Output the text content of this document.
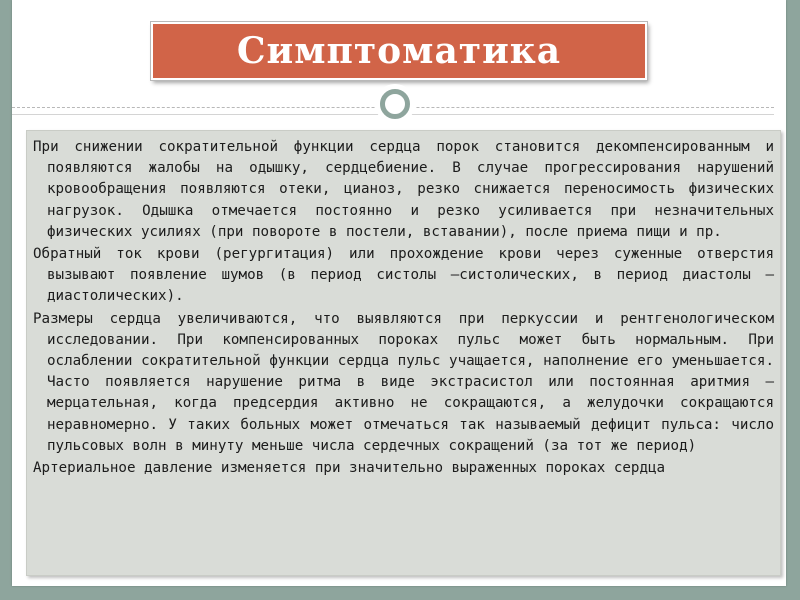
Симптоматика

При снижении сократительной функции сердца порок становится декомпенсированным и появляются жалобы на одышку, сердцебиение. В случае прогрессирования нарушений кровообращения появляются отеки, цианоз, резко снижается переносимость физических нагрузок. Одышка отмечается постоянно и резко усиливается при незначительных физических усилиях (при повороте в постели, вставании), после приема пищи и пр.

Обратный ток крови (регургитация) или прохождение крови через суженные отверстия вызывают появление шумов (в период систолы –систолических, в период диастолы –диастолических).

Размеры сердца увеличиваются, что выявляются при перкуссии и рентгенологическом исследовании. При компенсированных пороках пульс может быть нормальным. При ослаблении сократительной функции сердца пульс учащается, наполнение его уменьшается. Часто появляется нарушение ритма в виде экстрасистол или постоянная аритмия – мерцательная, когда предсердия активно не сокращаются, а желудочки сокращаются неравномерно. У таких больных может отмечаться так называемый дефицит пульса: число пульсовых волн в минуту меньше числа сердечных сокращений (за тот же период)

Артериальное давление изменяется при значительно выраженных пороках сердца
